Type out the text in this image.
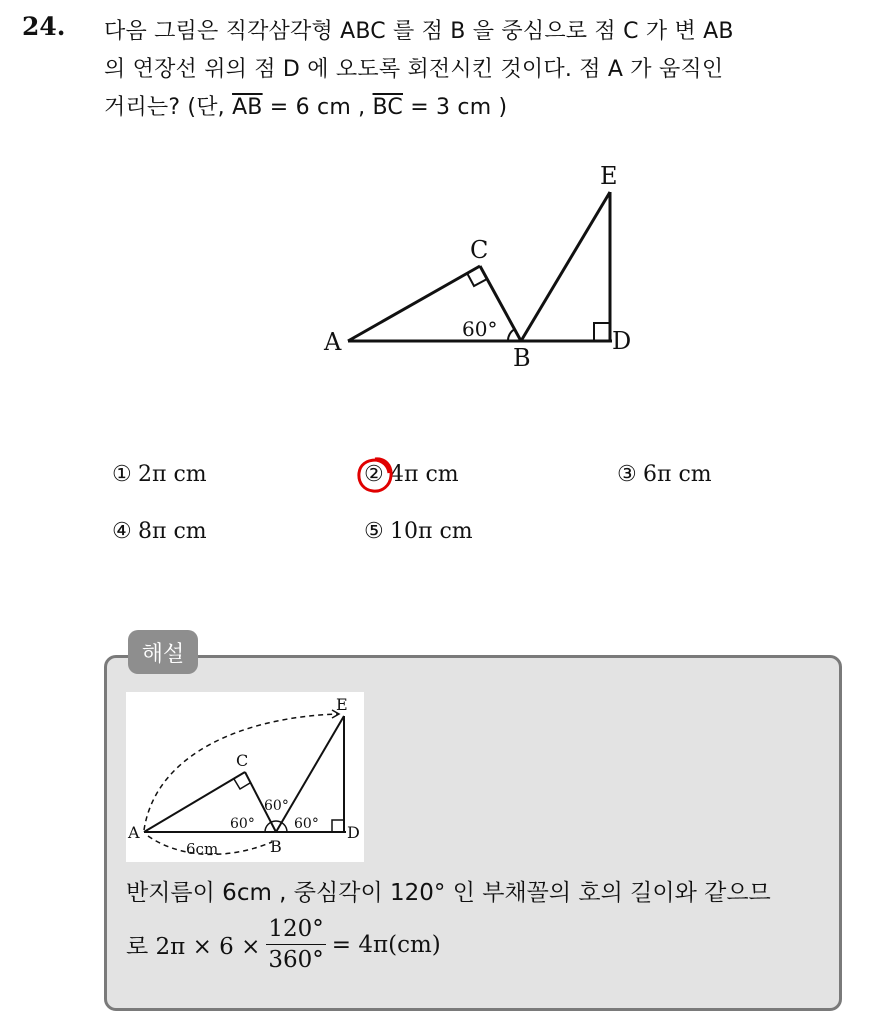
24. 다음 그림은 직각삼각형 ABC 를 점 B 을 중심으로 점 C 가 변 AB
의 연장선 위의 점 D 에 오도록 회전시킨 것이다. 점 A 가 움직인
거리는? (단, $\overline{AB} = 6$ cm , $\overline{BC} = 3$ cm )
A
B
C
D
E
60°
① 2π cm	② 4π cm	③ 6π cm
④ 8π cm	⑤ 10π cm
해설
A
B
C
D
E
60°
60°
60°
6cm
반지름이 6cm , 중심각이 120° 인 부채꼴의 호의 길이와 같으므
로 $2\pi \times 6 \times \frac{120^\circ}{360^\circ} = 4\pi(cm)$
